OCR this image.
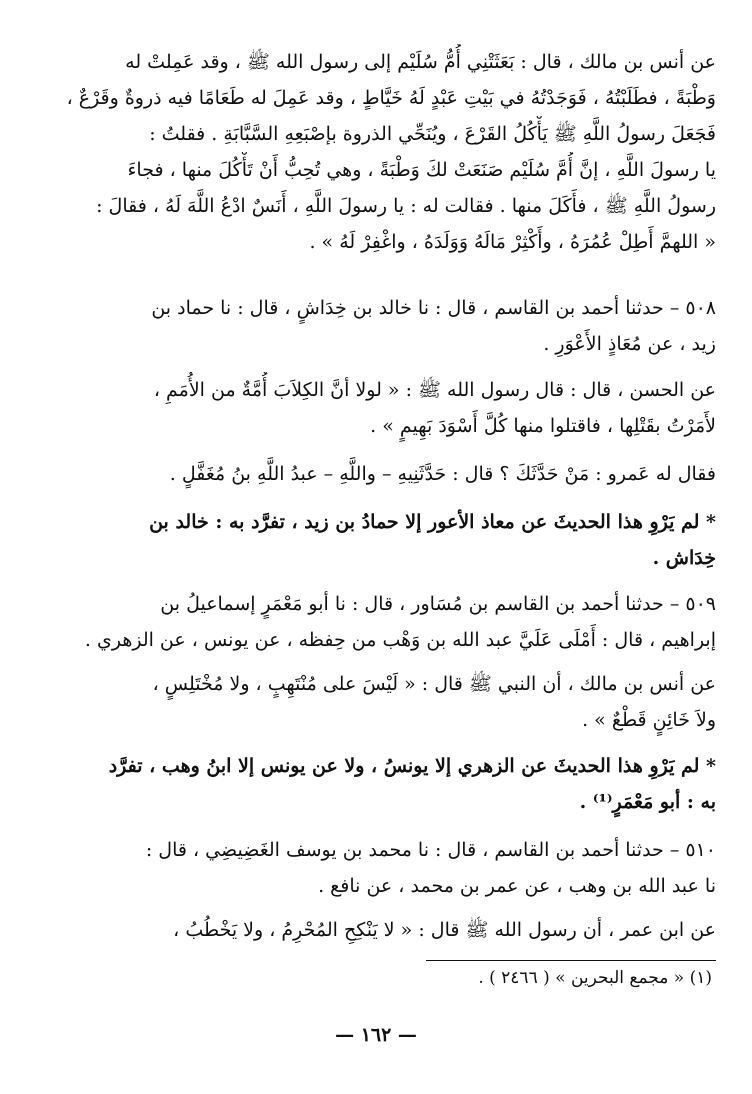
عن أنس بن مالك ، قال : بَعَثَتْنِي أُمُّ سُلَيْم إلى رسول الله ﷺ ، وقد عَمِلتْ له
وَطْبَةً ، فطَلَبْتُهُ ، فَوَجَدْتُهُ في بَيْتِ عَبْدٍ لَهُ خَيَّاطٍ ، وقد عَمِلَ له طَعَامًا فيه ذروةٌ وقَرْعٌ ،
فَجَعَلَ رسولُ اللَّهِ ﷺ يَأْكُلُ القَرْعَ ، ويُنَحِّي الذروة بإصْبَعِهِ السَّبَّابَةِ . فقلتُ :
يا رسولَ اللَّهِ ، إنَّ أُمَّ سُلَيْم صَنَعَتْ لكَ وَطْبَةً ، وهي تُحِبُّ أَنْ تَأْكُلَ منها ، فجاءَ
رسولُ اللَّهِ ﷺ ، فأَكَلَ منها . فقالت له : يا رسولَ اللَّهِ ، أَنَسٌ ادْعُ اللَّهَ لَهُ ، فقالَ :
« اللهمَّ أَطِلْ عُمُرَهُ ، وأَكْثِرْ مَالَهُ وَوَلَدَهُ ، واغْفِرْ لَهُ » .
٥٠٨ – حدثنا أحمد بن القاسم ، قال : نا خالد بن خِدَاشٍ ، قال : نا حماد بن
زيد ، عن مُعَاذٍ الأَعْوَرِ .
عن الحسن ، قال : قال رسول الله ﷺ : « لولا أنَّ الكِلاَبَ أُمَّةٌ من الأُمَمِ ،
لأَمَرْتُ بقَتْلِها ، فاقتلوا منها كُلَّ أَسْوَدَ بَهِيمٍ » .
فقال له عَمرو : مَنْ حَدَّثَكَ ؟ قال : حَدَّثَنِيهِ – واللَّهِ – عبدُ اللَّهِ بنُ مُغَفَّلٍ .
* لم يَرْوِ هذا الحديثَ عن معاذ الأعور إلا حمادُ بن زيد ، تفرَّد به : خالد بن
خِدَاش .
٥٠٩ – حدثنا أحمد بن القاسم بن مُسَاور ، قال : نا أبو مَعْمَرٍ إسماعيلُ بن
إبراهيم ، قال : أَمْلَى عَلَيَّ عبد الله بن وَهْب من حِفظه ، عن يونس ، عن الزهري .
عن أنس بن مالك ، أن النبي ﷺ قال : « لَيْسَ على مُنْتَهِبٍ ، ولا مُخْتَلِسٍ ،
ولاَ خَائِنٍ قَطْعٌ » .
* لم يَرْوِ هذا الحديثَ عن الزهري إلا يونسُ ، ولا عن يونس إلا ابنُ وهب ، تفرَّد
به : أبو مَعْمَرٍ⁽¹⁾ .
٥١٠ – حدثنا أحمد بن القاسم ، قال : نا محمد بن يوسف الغَضِيضِي ، قال :
نا عبد الله بن وهب ، عن عمر بن محمد ، عن نافع .
عن ابن عمر ، أن رسول الله ﷺ قال : « لا يَنْكِحِ المُحْرِمُ ، ولا يَخْطُبُ ،
(١) « مجمع البحرين » ( ٢٤٦٦ ) .
— ١٦٢ —
